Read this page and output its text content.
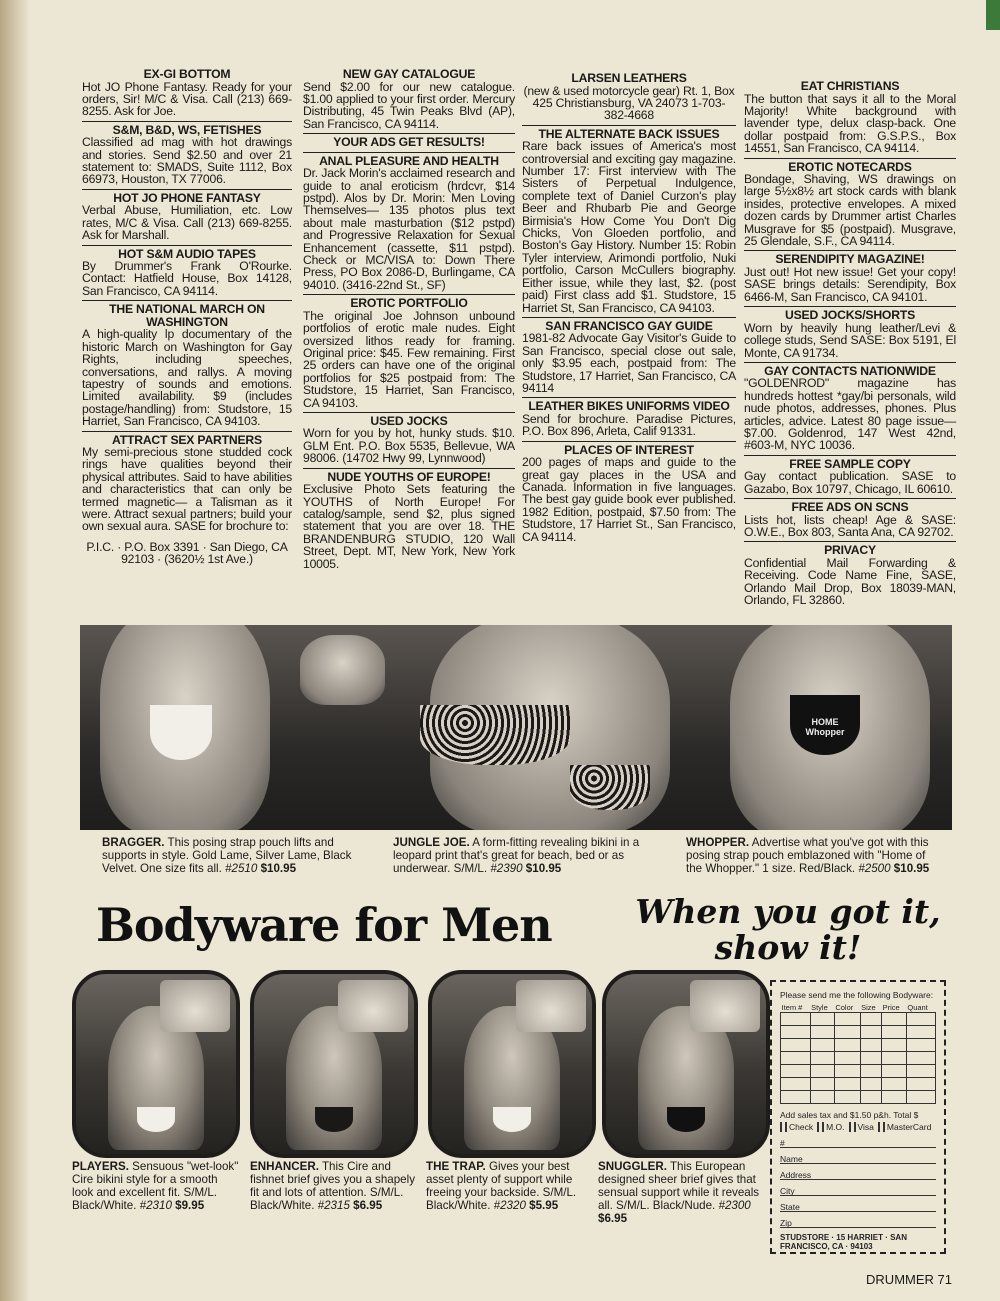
EX-GI BOTTOM

Hot JO Phone Fantasy. Ready for your orders, Sir! M/C & Visa. Call (213) 669-8255. Ask for Joe.

S&M, B&D, WS, FETISHES

Classified ad mag with hot drawings and stories. Send $2.50 and over 21 statement to: SMADS, Suite 1112, Box 66973, Houston, TX 77006.

HOT JO PHONE FANTASY

Verbal Abuse, Humiliation, etc. Low rates, M/C & Visa. Call (213) 669-8255. Ask for Marshall.

HOT S&M AUDIO TAPES

By Drummer's Frank O'Rourke. Contact: Hatfield House, Box 14128, San Francisco, CA 94114.

THE NATIONAL MARCH ON WASHINGTON

A high-quality lp documentary of the historic March on Washington for Gay Rights, including speeches, conversations, and rallys. A moving tapestry of sounds and emotions. Limited availability. $9 (includes postage/handling) from: Studstore, 15 Harriet, San Francisco, CA 94103.

ATTRACT SEX PARTNERS

My semi-precious stone studded cock rings have qualities beyond their physical attributes. Said to have abilities and characteristics that can only be termed magnetic— a Talisman as it were. Attract sexual partners; build your own sexual aura. SASE for brochure to:

P.I.C. · P.O. Box 3391 · San Diego, CA 92103 · (3620½ 1st Ave.)

NEW GAY CATALOGUE

Send $2.00 for our new catalogue. $1.00 applied to your first order. Mercury Distributing, 45 Twin Peaks Blvd (AP), San Francisco, CA 94114.

YOUR ADS GET RESULTS!
ANAL PLEASURE AND HEALTH

Dr. Jack Morin's acclaimed research and guide to anal eroticism (hrdcvr, $14 pstpd). Alos by Dr. Morin: Men Loving Themselves— 135 photos plus text about male masturbation ($12 pstpd) and Progressive Relaxation for Sexual Enhancement (cassette, $11 pstpd). Check or MC/VISA to: Down There Press, PO Box 2086-D, Burlingame, CA 94010. (3416-22nd St., SF)

EROTIC PORTFOLIO

The original Joe Johnson unbound portfolios of erotic male nudes. Eight oversized lithos ready for framing. Original price: $45. Few remaining. First 25 orders can have one of the original portfolios for $25 postpaid from: The Studstore, 15 Harriet, San Francisco, CA 94103.

USED JOCKS

Worn for you by hot, hunky studs. $10. GLM Ent. P.O. Box 5535, Bellevue, WA 98006. (14702 Hwy 99, Lynnwood)

NUDE YOUTHS OF EUROPE!

Exclusive Photo Sets featuring the YOUTHS of North Europe! For catalog/sample, send $2, plus signed statement that you are over 18. THE BRANDENBURG STUDIO, 120 Wall Street, Dept. MT, New York, New York 10005.

LARSEN LEATHERS

(new & used motorcycle gear) Rt. 1, Box 425 Christiansburg, VA 24073 1-703-382-4668

THE ALTERNATE BACK ISSUES

Rare back issues of America's most controversial and exciting gay magazine. Number 17: First interview with The Sisters of Perpetual Indulgence, complete text of Daniel Curzon's play Beer and Rhubarb Pie and George Birmisia's How Come You Don't Dig Chicks, Von Gloeden portfolio, and Boston's Gay History. Number 15: Robin Tyler interview, Arimondi portfolio, Nuki portfolio, Carson McCullers biography. Either issue, while they last, $2. (post paid) First class add $1. Studstore, 15 Harriet St, San Francisco, CA 94103.

SAN FRANCISCO GAY GUIDE

1981-82 Advocate Gay Visitor's Guide to San Francisco, special close out sale, only $3.95 each, postpaid from: The Studstore, 17 Harriet, San Francisco, CA 94114

LEATHER BIKES UNIFORMS VIDEO

Send for brochure. Paradise Pictures, P.O. Box 896, Arleta, Calif 91331.

PLACES OF INTEREST

200 pages of maps and guide to the great gay places in the USA and Canada. Information in five languages. The best gay guide book ever published. 1982 Edition, postpaid, $7.50 from: The Studstore, 17 Harriet St., San Francisco, CA 94114.

EAT CHRISTIANS

The button that says it all to the Moral Majority! White background with lavender type, delux clasp-back. One dollar postpaid from: G.S.P.S., Box 14551, San Francisco, CA 94114.

EROTIC NOTECARDS

Bondage, Shaving, WS drawings on large 5½x8½ art stock cards with blank insides, protective envelopes. A mixed dozen cards by Drummer artist Charles Musgrave for $5 (postpaid). Musgrave, 25 Glendale, S.F., CA 94114.

SERENDIPITY MAGAZINE!

Just out! Hot new issue! Get your copy! SASE brings details: Serendipity, Box 6466-M, San Francisco, CA 94101.

USED JOCKS/SHORTS

Worn by heavily hung leather/Levi & college studs, Send SASE: Box 5191, El Monte, CA 91734.

GAY CONTACTS NATIONWIDE

"GOLDENROD" magazine has hundreds hottest *gay/bi personals, wild nude photos, addresses, phones. Plus articles, advice. Latest 80 page issue— $7.00. Goldenrod, 147 West 42nd, #603-M, NYC 10036.

FREE SAMPLE COPY

Gay contact publication. SASE to Gazabo, Box 10797, Chicago, IL 60610.

FREE ADS ON SCNS

Lists hot, lists cheap! Age & SASE: O.W.E., Box 803, Santa Ana, CA 92702.

PRIVACY

Confidential Mail Forwarding & Receiving. Code Name Fine, SASE, Orlando Mail Drop, Box 18039-MAN, Orlando, FL 32860.

HOME Whopper
BRAGGER. This posing strap pouch lifts and supports in style. Gold Lame, Silver Lame, Black Velvet. One size fits all. #2510 $10.95
JUNGLE JOE. A form-fitting revealing bikini in a leopard print that's great for beach, bed or as underwear. S/M/L. #2390 $10.95
WHOPPER. Advertise what you've got with this posing strap pouch emblazoned with "Home of the Whopper." 1 size. Red/Black. #2500 $10.95
Bodyware for Men	When you got it, show it!
PLAYERS. Sensuous "wet-look" Cire bikini style for a smooth look and excellent fit. S/M/L. Black/White. #2310 $9.95
ENHANCER. This Cire and fishnet brief gives you a shapely fit and lots of attention. S/M/L. Black/White. #2315 $6.95
THE TRAP. Gives your best asset plenty of support while freeing your backside. S/M/L. Black/White. #2320 $5.95
SNUGGLER. This European designed sheer brief gives that sensual support while it reveals all. S/M/L. Black/Nude. #2300 $6.95
Please send me the following Bodyware:
Item #	Style	Color	Size	Price	Quant

Add sales tax and $1.50 p&h. Total $
Check M.O. Visa MasterCard
#
Name
Address
City
State
Zip
STUDSTORE · 15 HARRIET · SAN FRANCISCO, CA · 94103
DRUMMER 71
